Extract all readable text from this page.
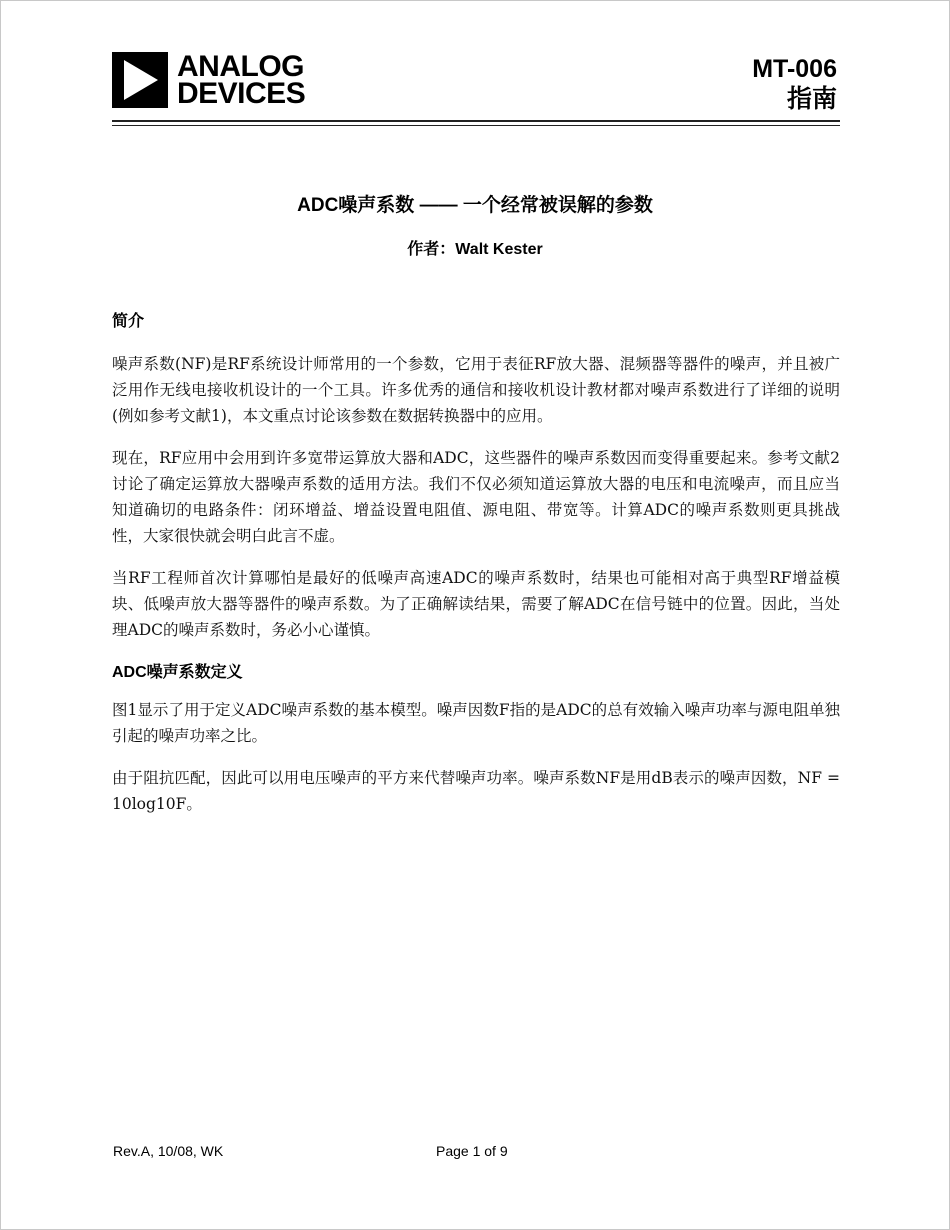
ANALOG
DEVICES
MT-006
指南
ADC噪声系数 —— 一个经常被误解的参数
作者：Walt Kester
简介

噪声系数(NF)是RF系统设计师常用的一个参数，它用于表征RF放大器、混频器等器件的噪声，并且被广泛用作无线电接收机设计的一个工具。许多优秀的通信和接收机设计教材都对噪声系数进行了详细的说明(例如参考文献1)，本文重点讨论该参数在数据转换器中的应用。

现在，RF应用中会用到许多宽带运算放大器和ADC，这些器件的噪声系数因而变得重要起来。参考文献2讨论了确定运算放大器噪声系数的适用方法。我们不仅必须知道运算放大器的电压和电流噪声，而且应当知道确切的电路条件：闭环增益、增益设置电阻值、源电阻、带宽等。计算ADC的噪声系数则更具挑战性，大家很快就会明白此言不虚。

当RF工程师首次计算哪怕是最好的低噪声高速ADC的噪声系数时，结果也可能相对高于典型RF增益模块、低噪声放大器等器件的噪声系数。为了正确解读结果，需要了解ADC在信号链中的位置。因此，当处理ADC的噪声系数时，务必小心谨慎。

ADC噪声系数定义

图1显示了用于定义ADC噪声系数的基本模型。噪声因数F指的是ADC的总有效输入噪声功率与源电阻单独引起的噪声功率之比。

由于阻抗匹配，因此可以用电压噪声的平方来代替噪声功率。噪声系数NF是用dB表示的噪声因数，NF = 10log10F。

Rev.A, 10/08, WK	Page 1 of 9
